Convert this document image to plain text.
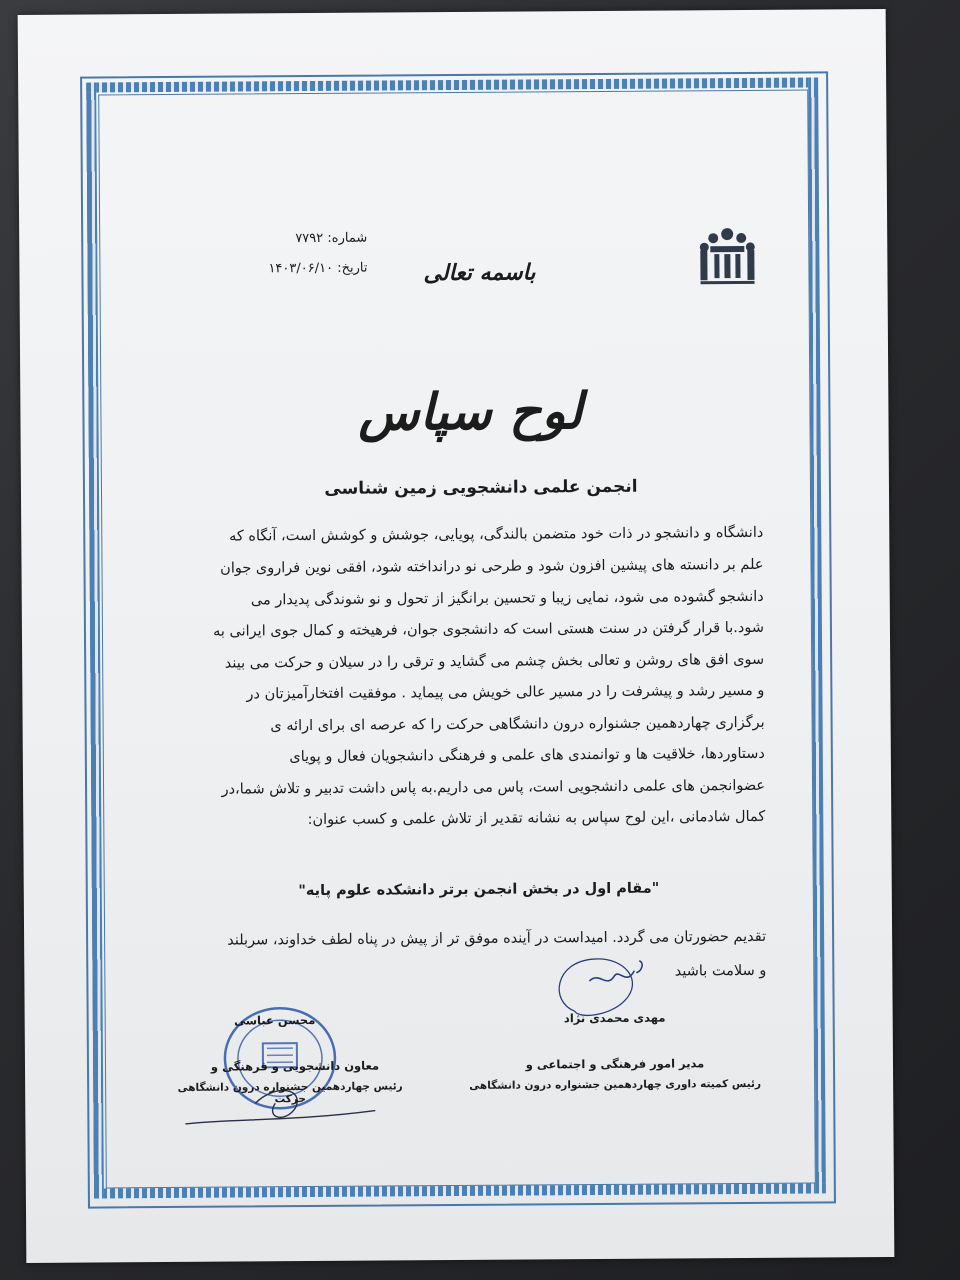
شماره: ۷۷۹۲
تاریخ: ۱۴۰۳/۰۶/۱۰	باسمه تعالی
لوح سپاس
انجمن علمی دانشجویی زمین شناسی
دانشگاه و دانشجو در ذات خود متضمن بالندگی، پویایی، جوشش و کوشش است، آنگاه که
علم بر دانسته های پیشین افزون شود و طرحی نو درانداخته شود، افقی نوین فراروی جوان
دانشجو گشوده می شود، نمایی زیبا و تحسین برانگیز از تحول و نو شوندگی پدیدار می
شود.با قرار گرفتن در سنت هستی است که دانشجوی جوان، فرهیخته و کمال جوی ایرانی به
سوی افق های روشن و تعالی بخش چشم می گشاید و ترقی را در سیلان و حرکت می بیند
و مسیر رشد و پیشرفت را در مسیر عالی خویش می پیماید . موفقیت افتخارآمیزتان در
برگزاری چهاردهمین جشنواره درون دانشگاهی حرکت را که عرصه ای برای ارائه ی
دستاوردها، خلاقیت ها و توانمندی های علمی و فرهنگی دانشجویان فعال و پویای
عضوانجمن های علمی دانشجویی است، پاس می داریم.به پاس داشت تدبیر و تلاش شما،در
کمال شادمانی ،این لوح سپاس به نشانه تقدیر از تلاش علمی و کسب عنوان:
"مقام اول در بخش انجمن برتر دانشکده علوم پایه"
تقدیم حضورتان می گردد. امیداست در آینده موفق تر از پیش در پناه لطف خداوند، سربلند
و سلامت باشید
مهدی محمدی نژاد
مدیر امور فرهنگی و اجتماعی و
رئیس کمیته داوری چهاردهمین جشنواره درون دانشگاهی
محسن عباسی
معاون دانشجویی و فرهنگی و
رئیس چهاردهمین جشنواره درون دانشگاهی حرکت
